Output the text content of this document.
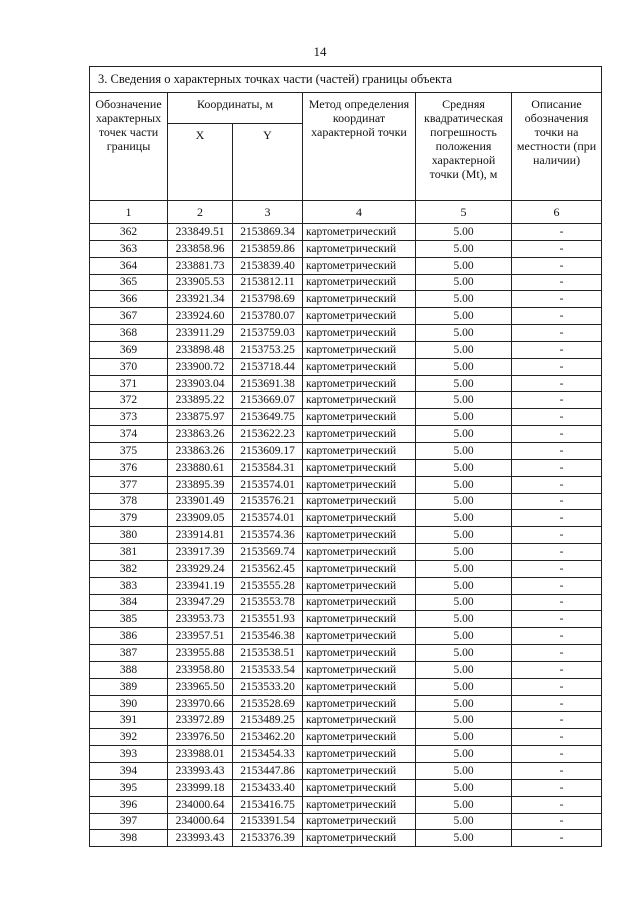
14
3. Сведения о характерных точках части (частей) границы объекта					
Обозначение характерных точек части границы	Координаты, м		Метод определения координат характерной точки	Средняя квадратическая погрешность положения характерной точки (Mt), м	Описание обозначения точки на местности (при наличии)
	X	Y			
1	2	3	4	5	6
362	233849.51	2153869.34	картометрический	5.00	-
363	233858.96	2153859.86	картометрический	5.00	-
364	233881.73	2153839.40	картометрический	5.00	-
365	233905.53	2153812.11	картометрический	5.00	-
366	233921.34	2153798.69	картометрический	5.00	-
367	233924.60	2153780.07	картометрический	5.00	-
368	233911.29	2153759.03	картометрический	5.00	-
369	233898.48	2153753.25	картометрический	5.00	-
370	233900.72	2153718.44	картометрический	5.00	-
371	233903.04	2153691.38	картометрический	5.00	-
372	233895.22	2153669.07	картометрический	5.00	-
373	233875.97	2153649.75	картометрический	5.00	-
374	233863.26	2153622.23	картометрический	5.00	-
375	233863.26	2153609.17	картометрический	5.00	-
376	233880.61	2153584.31	картометрический	5.00	-
377	233895.39	2153574.01	картометрический	5.00	-
378	233901.49	2153576.21	картометрический	5.00	-
379	233909.05	2153574.01	картометрический	5.00	-
380	233914.81	2153574.36	картометрический	5.00	-
381	233917.39	2153569.74	картометрический	5.00	-
382	233929.24	2153562.45	картометрический	5.00	-
383	233941.19	2153555.28	картометрический	5.00	-
384	233947.29	2153553.78	картометрический	5.00	-
385	233953.73	2153551.93	картометрический	5.00	-
386	233957.51	2153546.38	картометрический	5.00	-
387	233955.88	2153538.51	картометрический	5.00	-
388	233958.80	2153533.54	картометрический	5.00	-
389	233965.50	2153533.20	картометрический	5.00	-
390	233970.66	2153528.69	картометрический	5.00	-
391	233972.89	2153489.25	картометрический	5.00	-
392	233976.50	2153462.20	картометрический	5.00	-
393	233988.01	2153454.33	картометрический	5.00	-
394	233993.43	2153447.86	картометрический	5.00	-
395	233999.18	2153433.40	картометрический	5.00	-
396	234000.64	2153416.75	картометрический	5.00	-
397	234000.64	2153391.54	картометрический	5.00	-
398	233993.43	2153376.39	картометрический	5.00	-
